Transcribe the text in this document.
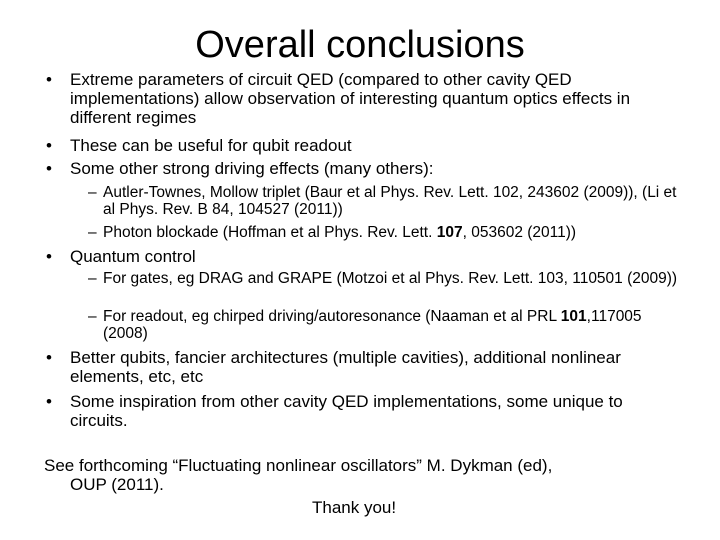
Overall conclusions
•	Extreme parameters of circuit QED (compared to other cavity QED implementations) allow observation of interesting quantum optics effects in different regimes
•	These can be useful for qubit readout
•	Some other strong driving effects (many others):
– Autler-Townes, Mollow triplet (Baur et al Phys. Rev. Lett. 102, 243602 (2009)), (Li et al Phys. Rev. B 84, 104527 (2011))
– Photon blockade (Hoffman et al Phys. Rev. Lett. 107, 053602 (2011))
•	Quantum control
– For gates, eg DRAG and GRAPE (Motzoi et al Phys. Rev. Lett. 103, 110501 (2009))
– For readout, eg chirped driving/autoresonance (Naaman et al PRL 101,117005 (2008)
•	Better qubits, fancier architectures (multiple cavities), additional nonlinear elements, etc, etc
•	Some inspiration from other cavity QED implementations, some unique to circuits.
See forthcoming “Fluctuating nonlinear oscillators” M. Dykman (ed),
OUP (2011).
Thank you!
